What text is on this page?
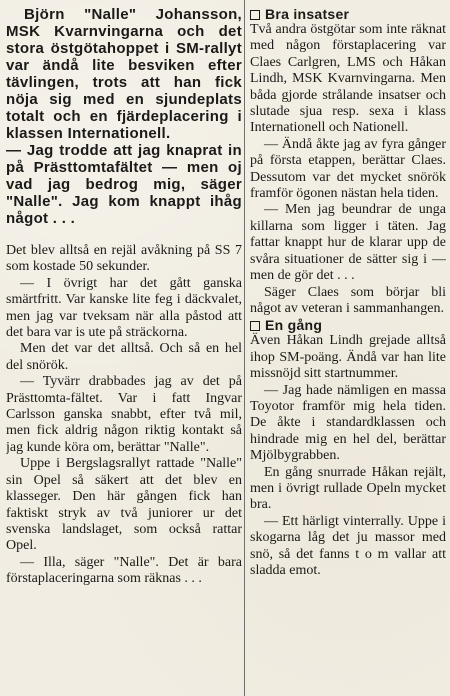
Björn "Nalle" Johansson, MSK Kvarnvingarna och det stora östgötahoppet i SM-rallyt var ändå lite besviken efter tävlingen, trots att han fick nöja sig med en sjundeplats totalt och en fjärdeplacering i klassen Internationell.
— Jag trodde att jag knaprat in på Prästtomtafältet — men oj vad jag bedrog mig, säger "Nalle". Jag kom knappt ihåg något . . .

Det blev alltså en rejäl avåkning på SS 7 som kostade 50 sekunder.

— I övrigt har det gått ganska smärtfritt. Var kanske lite feg i däckvalet, men jag var tveksam när alla påstod att det bara var is ute på sträckorna.

Men det var det alltså. Och så en hel del snörök.

— Tyvärr drabbades jag av det på Prästtomta-fältet. Var i fatt Ingvar Carlsson ganska snabbt, efter två mil, men fick aldrig någon riktig kontakt så jag kunde köra om, berättar "Nalle".

Uppe i Bergslagsrallyt rattade "Nalle" sin Opel så säkert att det blev en klasseger. Den här gången fick han faktiskt stryk av två juniorer ur det svenska landslaget, som också rattar Opel.

— Illa, säger "Nalle". Det är bara förstaplaceringarna som räknas . . .

Bra insatser

Två andra östgötar som inte räknat med någon förstaplacering var Claes Carlgren, LMS och Håkan Lindh, MSK Kvarnvingarna. Men båda gjorde strålande insatser och slutade sjua resp. sexa i klass Internationell och Nationell.

— Ändå åkte jag av fyra gånger på första etappen, berättar Claes. Dessutom var det mycket snörök framför ögonen nästan hela tiden.

— Men jag beundrar de unga killarna som ligger i täten. Jag fattar knappt hur de klarar upp de svåra situationer de sätter sig i — men de gör det . . .

Säger Claes som börjar bli något av veteran i sammanhangen.

En gång

Även Håkan Lindh grejade alltså ihop SM-poäng. Ändå var han lite missnöjd sitt startnummer.

— Jag hade nämligen en massa Toyotor framför mig hela tiden. De åkte i standardklassen och hindrade mig en hel del, berättar Mjölbygrabben.

En gång snurrade Håkan rejält, men i övrigt rullade Opeln mycket bra.

— Ett härligt vinterrally. Uppe i skogarna låg det ju massor med snö, så det fanns t o m vallar att sladda emot.
